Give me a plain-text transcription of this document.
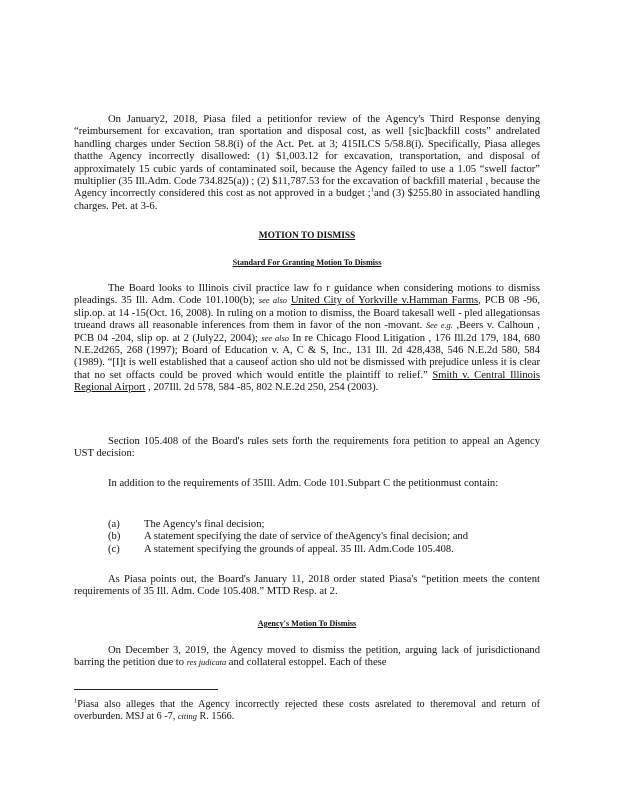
On January2, 2018, Piasa filed a petitionfor review of the Agency's Third Response denying “reimbursement for excavation, tran sportation and disposal cost, as well [sic]backfill costs” andrelated handling charges under Section 58.8(i) of the Act. Pet. at 3; 415ILCS 5/58.8(i). Specifically, Piasa alleges thatthe Agency incorrectly disallowed: (1) $1,003.12 for excavation, transportation, and disposal of approximately 15 cubic yards of contaminated soil, because the Agency failed to use a 1.05 “swell factor” multiplier (35 Ill.Adm. Code 734.825(a)) ; (2) $11,787.53 for the excavation of backfill material , because the Agency incorrectly considered this cost as not approved in a budget ;$^1$and (3) $255.80 in associated handling charges. Pet. at 3-6.

MOTION TO DISMISS
Standard For Granting Motion To Dismiss

The Board looks to Illinois civil practice law fo r guidance when considering motions to dismiss pleadings. 35 Ill. Adm. Code 101.100(b); see also United City of Yorkville v.Hamman Farms, PCB 08 -96, slip.op. at 14 -15(Oct. 16, 2008). In ruling on a motion to dismiss, the Board takesall well - pled allegationsas trueand draws all reasonable inferences from them in favor of the non -movant. See e.g. ,Beers v. Calhoun , PCB 04 -204, slip op. at 2 (July22, 2004); see also In re Chicago Flood Litigation , 176 Ill.2d 179, 184, 680 N.E.2d265, 268 (1997); Board of Education v. A, C & S, Inc., 131 Ill. 2d 428,438, 546 N.E.2d 580, 584 (1989). “[I]t is well established that a causeof action sho uld not be dismissed with prejudice unless it is clear that no set offacts could be proved which would entitle the plaintiff to relief.” Smith v. Central Illinois Regional Airport , 207Ill. 2d 578, 584 -85, 802 N.E.2d 250, 254 (2003).

Section 105.408 of the Board's rules sets forth the requirements fora petition to appeal an Agency UST decision:

In addition to the requirements of 35Ill. Adm. Code 101.Subpart C the petitionmust contain:

(a)	The Agency's final decision;
(b)	A statement specifying the date of service of theAgency's final decision; and
(c)	A statement specifying the grounds of appeal. 35 Ill. Adm.Code 105.408.

As Piasa points out, the Board's January 11, 2018 order stated Piasa's “petition meets the content requirements of 35 Ill. Adm. Code 105.408.” MTD Resp. at 2.

Agency's Motion To Dismiss

On December 3, 2019, the Agency moved to dismiss the petition, arguing lack of jurisdictionand barring the petition due to res judicata and collateral estoppel. Each of these

$^1$Piasa also alleges that the Agency incorrectly rejected these costs asrelated to theremoval and return of overburden. MSJ at 6 -7, citing R. 1566.
